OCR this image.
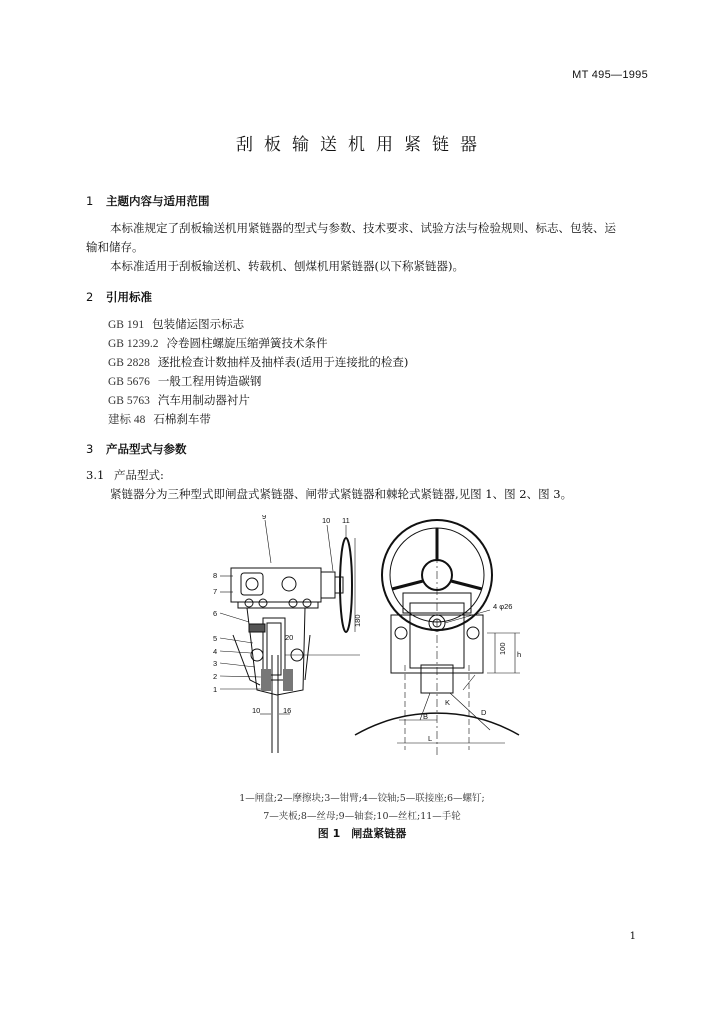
MT 495—1995
刮板输送机用紧链器
1 主题内容与适用范围
本标准规定了刮板输送机用紧链器的型式与参数、技术要求、试验方法与检验规则、标志、包装、运
输和储存。
本标准适用于刮板输送机、转载机、刨煤机用紧链器(以下称紧链器)。
2 引用标准
GB 191 包装储运图示标志
GB 1239.2 冷卷圆柱螺旋压缩弹簧技术条件
GB 2828 逐批检查计数抽样及抽样表(适用于连接批的检查)
GB 5676 一般工程用铸造碳钢
GB 5763 汽车用制动器衬片
建标 48 石棉刹车带
3 产品型式与参数
3.1 产品型式:
紧链器分为三种型式即闸盘式紧链器、闸带式紧链器和棘轮式紧链器,见图 1、图 2、图 3。
9	10 11
8
7
6
5
4
3
2
1
10	16
20
180
4 φ26
100 h
B
L
K
D
1—闸盘;2—摩擦块;3—钳臂;4—铰轴;5—联接座;6—螺钉;
7—夹板;8—丝母;9—轴套;10—丝杠;11—手轮
图 1　闸盘紧链器
1
